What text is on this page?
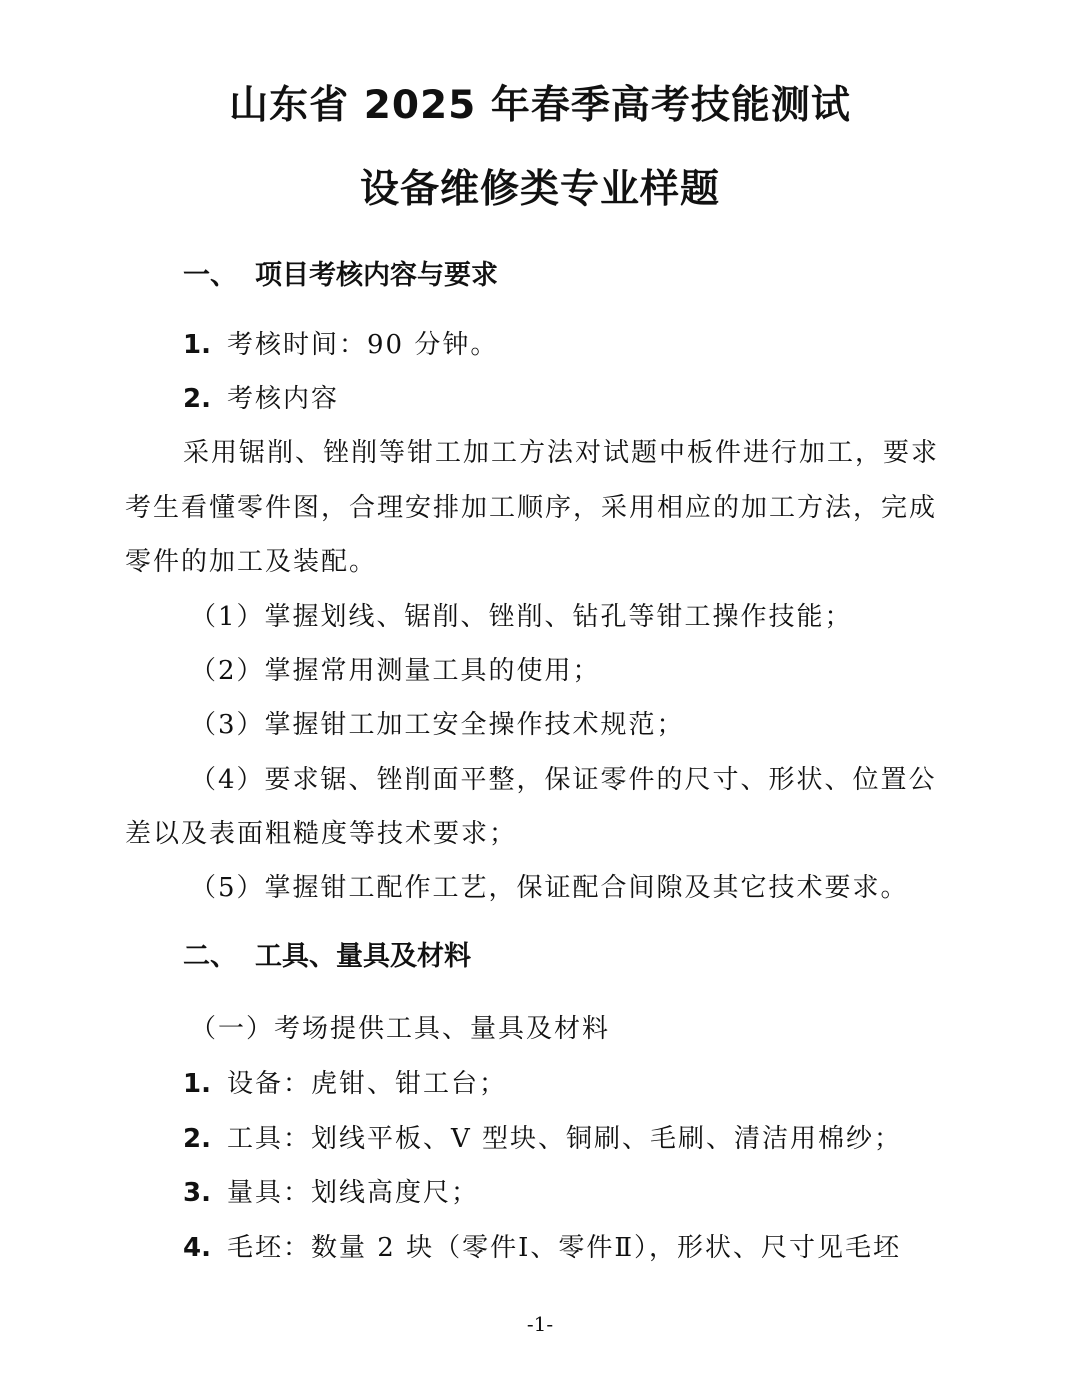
山东省 2025 年春季高考技能测试
设备维修类专业样题
一、 项目考核内容与要求

1. 考核时间：90 分钟。

2. 考核内容

采用锯削、锉削等钳工加工方法对试题中板件进行加工，要求

考生看懂零件图，合理安排加工顺序，采用相应的加工方法，完成

零件的加工及装配。

（1）掌握划线、锯削、锉削、钻孔等钳工操作技能；

（2）掌握常用测量工具的使用；

（3）掌握钳工加工安全操作技术规范；

（4）要求锯、锉削面平整，保证零件的尺寸、形状、位置公

差以及表面粗糙度等技术要求；

（5）掌握钳工配作工艺，保证配合间隙及其它技术要求。

二、 工具、量具及材料

（一）考场提供工具、量具及材料

1. 设备：虎钳、钳工台；

2. 工具：划线平板、V 型块、铜刷、毛刷、清洁用棉纱；

3. 量具：划线高度尺；

4. 毛坯：数量 2 块（零件Ⅰ、零件Ⅱ），形状、尺寸见毛坯

-1-
